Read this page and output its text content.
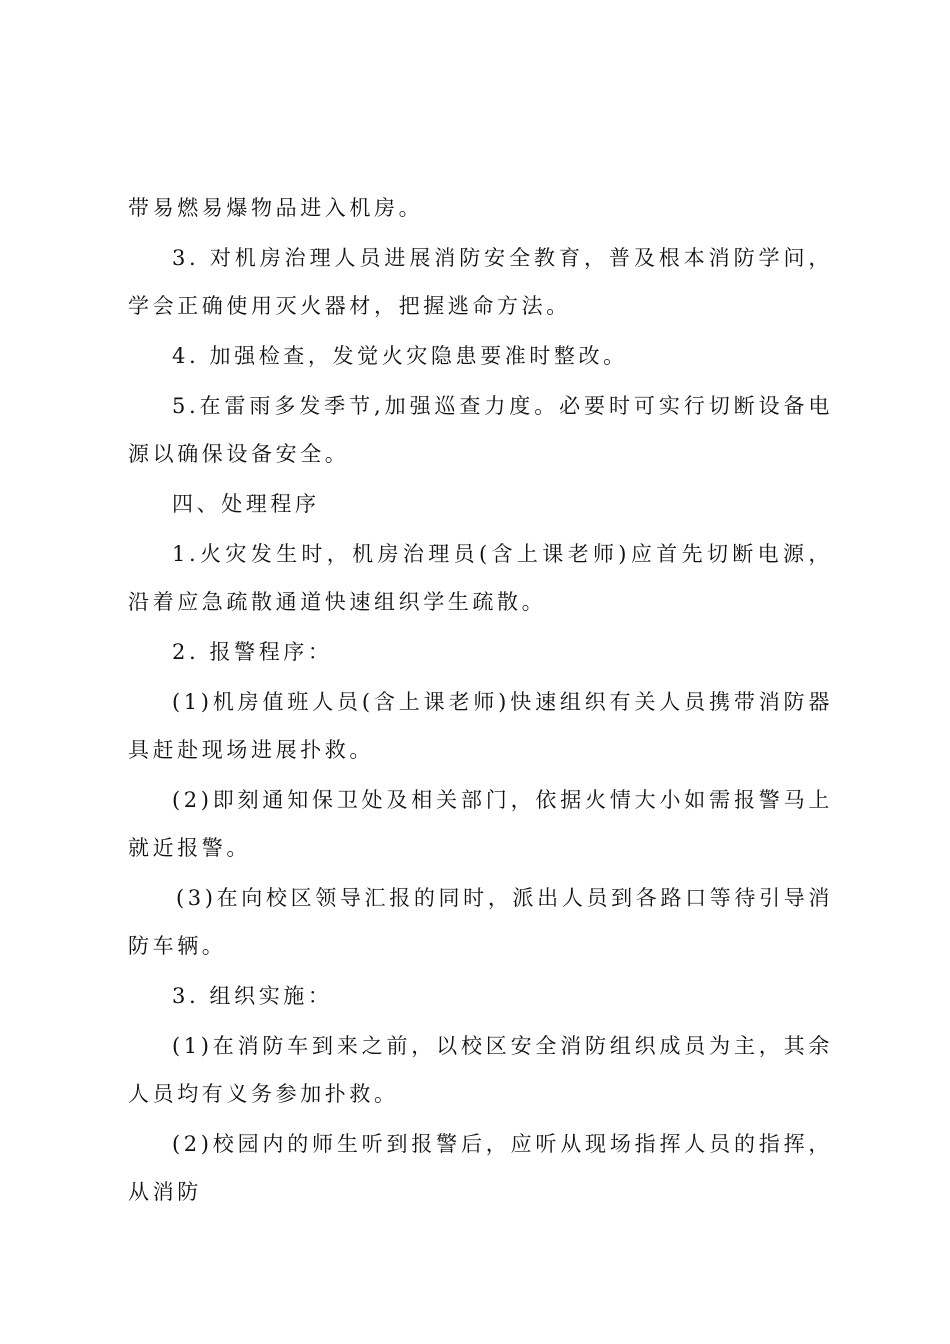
带易燃易爆物品进入机房。

3. 对机房治理人员进展消防安全教育，普及根本消防学问，学会正确使用灭火器材，把握逃命方法。

4. 加强检查，发觉火灾隐患要准时整改。

5.在雷雨多发季节,加强巡查力度。必要时可实行切断设备电源以确保设备安全。

四、处理程序

1.火灾发生时，机房治理员(含上课老师)应首先切断电源，沿着应急疏散通道快速组织学生疏散。

2. 报警程序：

(1)机房值班人员(含上课老师)快速组织有关人员携带消防器具赶赴现场进展扑救。

(2)即刻通知保卫处及相关部门，依据火情大小如需报警马上就近报警。

(3)在向校区领导汇报的同时，派出人员到各路口等待引导消防车辆。

3. 组织实施：

(1)在消防车到来之前，以校区安全消防组织成员为主，其余人员均有义务参加扑救。

(2)校园内的师生听到报警后，应听从现场指挥人员的指挥，从消防
